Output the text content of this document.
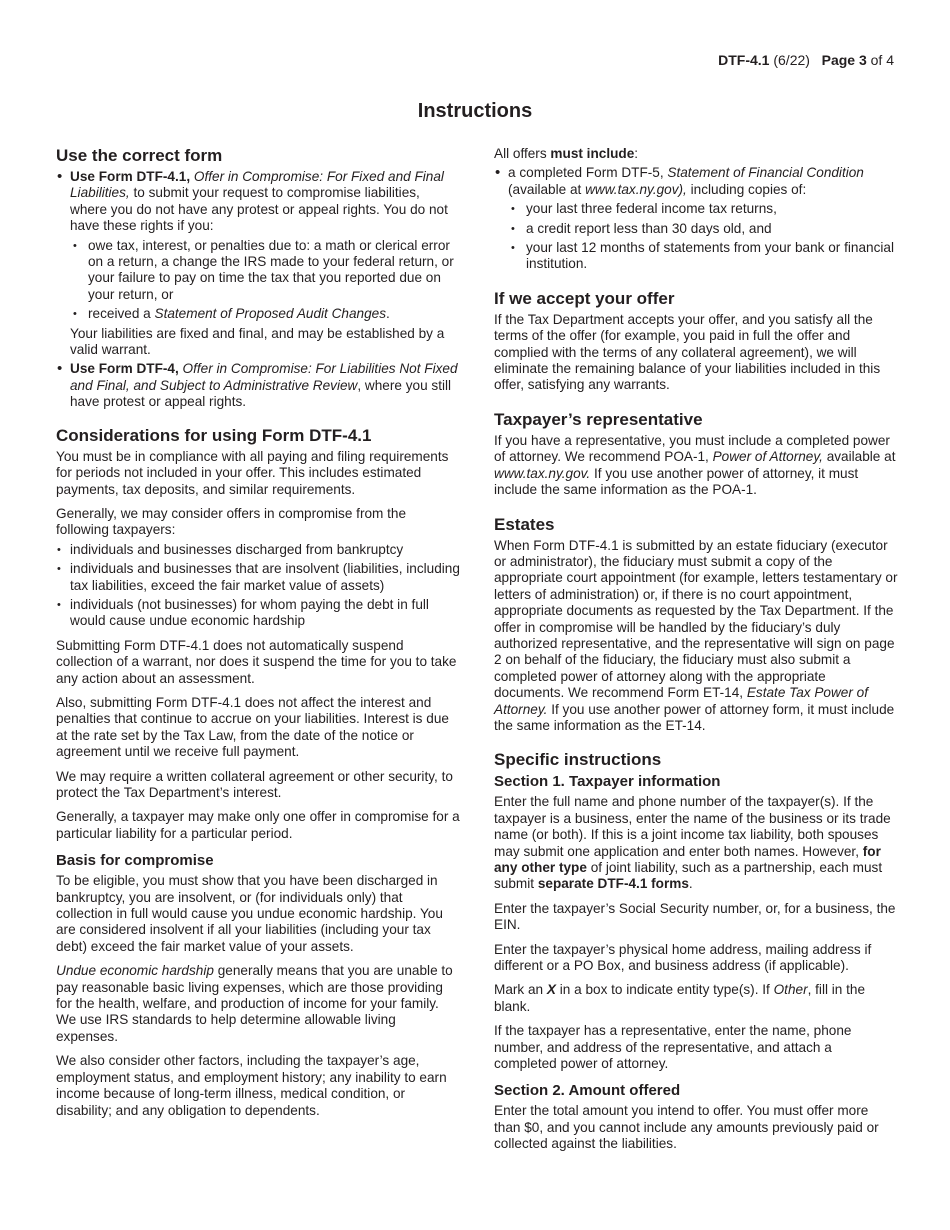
DTF-4.1 (6/22) Page 3 of 4
Instructions
Use the correct form
• Use Form DTF-4.1, Offer in Compromise: For Fixed and Final Liabilities, to submit your request to compromise liabilities, where you do not have any protest or appeal rights. You do not have these rights if you:
• owe tax, interest, or penalties due to: a math or clerical error on a return, a change the IRS made to your federal return, or your failure to pay on time the tax that you reported due on your return, or
• received a Statement of Proposed Audit Changes.
Your liabilities are fixed and final, and may be established by a valid warrant.
• Use Form DTF-4, Offer in Compromise: For Liabilities Not Fixed and Final, and Subject to Administrative Review, where you still have protest or appeal rights.
Considerations for using Form DTF-4.1

You must be in compliance with all paying and filing requirements for periods not included in your offer. This includes estimated payments, tax deposits, and similar requirements.

Generally, we may consider offers in compromise from the following taxpayers:

• individuals and businesses discharged from bankruptcy
• individuals and businesses that are insolvent (liabilities, including tax liabilities, exceed the fair market value of assets)
• individuals (not businesses) for whom paying the debt in full would cause undue economic hardship

Submitting Form DTF-4.1 does not automatically suspend collection of a warrant, nor does it suspend the time for you to take any action about an assessment.

Also, submitting Form DTF-4.1 does not affect the interest and penalties that continue to accrue on your liabilities. Interest is due at the rate set by the Tax Law, from the date of the notice or agreement until we receive full payment.

We may require a written collateral agreement or other security, to protect the Tax Department’s interest.

Generally, a taxpayer may make only one offer in compromise for a particular liability for a particular period.

Basis for compromise

To be eligible, you must show that you have been discharged in bankruptcy, you are insolvent, or (for individuals only) that collection in full would cause you undue economic hardship. You are considered insolvent if all your liabilities (including your tax debt) exceed the fair market value of your assets.

Undue economic hardship generally means that you are unable to pay reasonable basic living expenses, which are those providing for the health, welfare, and production of income for your family. We use IRS standards to help determine allowable living expenses.

We also consider other factors, including the taxpayer’s age, employment status, and employment history; any inability to earn income because of long-term illness, medical condition, or disability; and any obligation to dependents.

All offers must include:
• a completed Form DTF-5, Statement of Financial Condition (available at www.tax.ny.gov), including copies of:
• your last three federal income tax returns,
• a credit report less than 30 days old, and
• your last 12 months of statements from your bank or financial institution.
If we accept your offer

If the Tax Department accepts your offer, and you satisfy all the terms of the offer (for example, you paid in full the offer and complied with the terms of any collateral agreement), we will eliminate the remaining balance of your liabilities included in this offer, satisfying any warrants.

Taxpayer’s representative

If you have a representative, you must include a completed power of attorney. We recommend POA-1, Power of Attorney, available at www.tax.ny.gov. If you use another power of attorney, it must include the same information as the POA-1.

Estates

When Form DTF-4.1 is submitted by an estate fiduciary (executor or administrator), the fiduciary must submit a copy of the appropriate court appointment (for example, letters testamentary or letters of administration) or, if there is no court appointment, appropriate documents as requested by the Tax Department. If the offer in compromise will be handled by the fiduciary’s duly authorized representative, and the representative will sign on page 2 on behalf of the fiduciary, the fiduciary must also submit a completed power of attorney along with the appropriate documents. We recommend Form ET-14, Estate Tax Power of Attorney. If you use another power of attorney form, it must include the same information as the ET-14.

Specific instructions
Section 1. Taxpayer information

Enter the full name and phone number of the taxpayer(s). If the taxpayer is a business, enter the name of the business or its trade name (or both). If this is a joint income tax liability, both spouses may submit one application and enter both names. However, for any other type of joint liability, such as a partnership, each must submit separate DTF-4.1 forms.

Enter the taxpayer’s Social Security number, or, for a business, the EIN.

Enter the taxpayer’s physical home address, mailing address if different or a PO Box, and business address (if applicable).

Mark an X in a box to indicate entity type(s). If Other, fill in the blank.

If the taxpayer has a representative, enter the name, phone number, and address of the representative, and attach a completed power of attorney.

Section 2. Amount offered

Enter the total amount you intend to offer. You must offer more than $0, and you cannot include any amounts previously paid or collected against the liabilities.
